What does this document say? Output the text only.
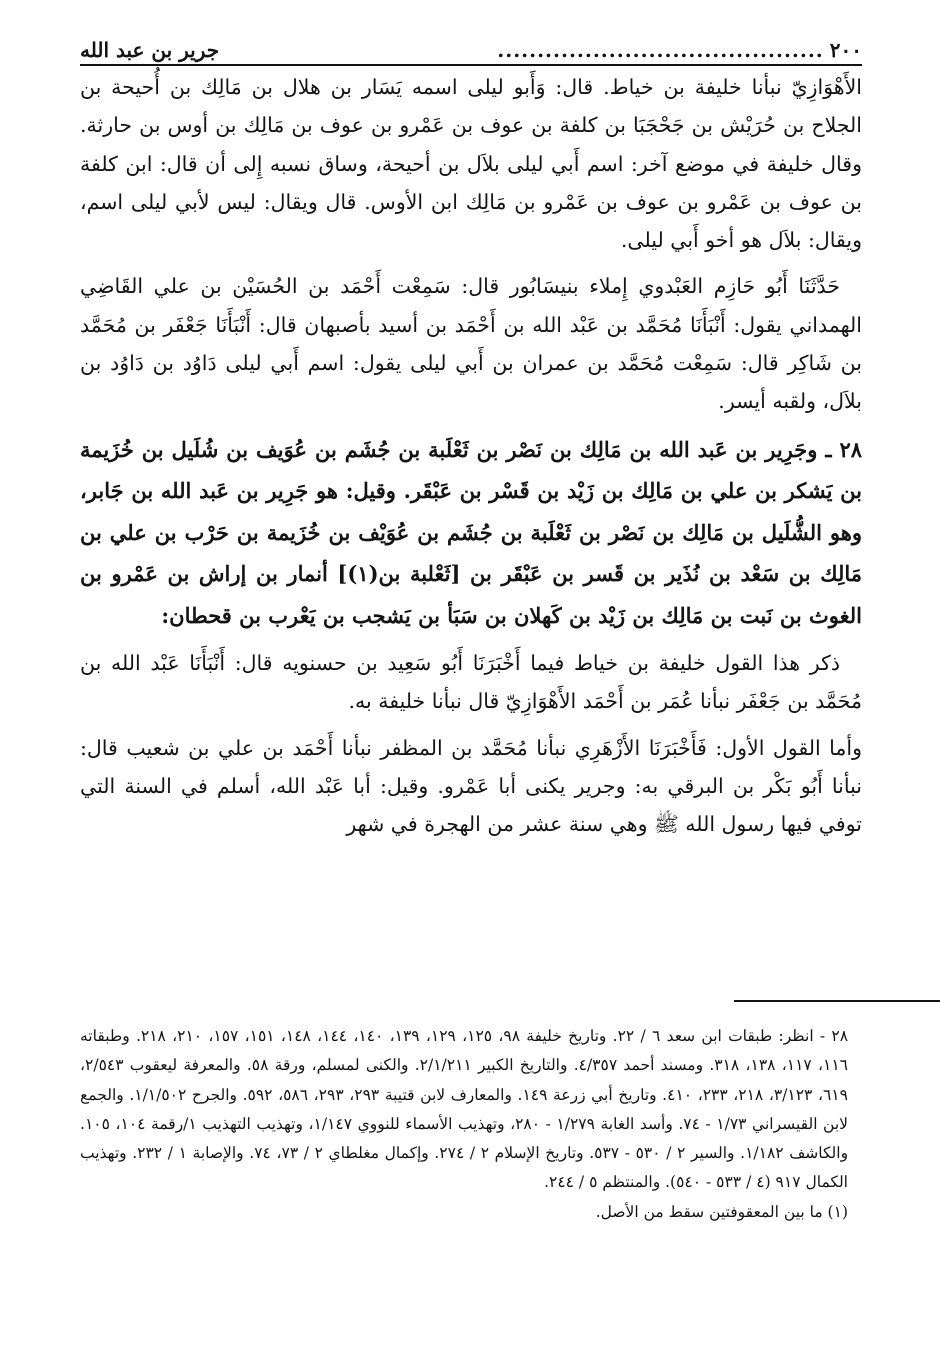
٢٠٠
.........................................
جرير بن عبد الله

الأَهْوَازِيّ نبأنا خليفة بن خياط. قال: وَأَبو ليلى اسمه يَسَار بن هلال بن مَالِك بن أُحيحة بن الجلاح بن حُرَيْش بن جَحْجَبَا بن كلفة بن عوف بن عَمْرو بن عوف بن مَالِك بن أوس بن حارثة. وقال خليفة في موضع آخر: اسم أَبي ليلى بلاَل بن أحيحة، وساق نسبه إِلى أن قال: ابن كلفة بن عوف بن عَمْرو بن عوف بن عَمْرو بن مَالِك ابن الأوس. قال ويقال: ليس لأبي ليلى اسم، ويقال: بلاَل هو أخو أَبي ليلى.

حَدَّثَنَا أَبُو حَازِم العَبْدوي إِملاء بنيسَابُور قال: سَمِعْت أَحْمَد بن الحُسَيْن بن علي القَاضِي الهمداني يقول: أَنْبَأَنَا مُحَمَّد بن عَبْد الله بن أَحْمَد بن أسيد بأصبهان قال: أَنْبَأَنَا جَعْفَر بن مُحَمَّد بن شَاكِر قال: سَمِعْت مُحَمَّد بن عمران بن أَبي ليلى يقول: اسم أَبي ليلى دَاوُد بن دَاوُد بن بلاَل، ولقبه أيسر.

٢٨ ـ وجَرِير بن عَبد الله بن مَالِك بن نَصْر بن ثَعْلَبة بن جُشَم بن عُوَيف بن شُلَيل بن خُزَيمة بن يَشكر بن علي بن مَالِك بن زَيْد بن قَسْر بن عَبْقَر. وقيل: هو جَرِير بن عَبد الله بن جَابر، وهو الشُّلَيل بن مَالِك بن نَصْر بن ثَعْلَبة بن جُشَم بن عُوَيْف بن خُزَيمة بن حَرْب بن علي بن مَالِك بن سَعْد بن نُذَير بن قَسر بن عَبْقَر بن [ثَعْلبة بن(١)] أنمار بن إراش بن عَمْرو بن الغوث بن نَبت بن مَالِك بن زَيْد بن كَهلان بن سَبَأ بن يَشجب بن يَعْرب بن قحطان:

ذكر هذا القول خليفة بن خياط فيما أَخْبَرَنَا أَبُو سَعِيد بن حسنويه قال: أَنْبَأَنَا عَبْد الله بن مُحَمَّد بن جَعْفَر نبأنا عُمَر بن أَحْمَد الأَهْوَازِيّ قال نبأنا خليفة به.

وأما القول الأول: فَأَخْبَرَنَا الأَزْهَرِي نبأنا مُحَمَّد بن المظفر نبأنا أَحْمَد بن علي بن شعيب قال: نبأنا أَبُو بَكْر بن البرقي به: وجرير يكنى أبا عَمْرو. وقيل: أبا عَبْد الله، أسلم في السنة التي توفي فيها رسول الله ﷺ وهي سنة عشر من الهجرة في شهر

٢٨ - انظر: طبقات ابن سعد ٦ / ٢٢. وتاريخ خليفة ٩٨، ١٢٥، ١٢٩، ١٣٩، ١٤٠، ١٤٤، ١٤٨، ١٥١، ١٥٧، ٢١٠، ٢١٨. وطبقاته ١١٦، ١١٧، ١٣٨، ٣١٨. ومسند أحمد ٤/٣٥٧. والتاريخ الكبير ٢/١/٢١١. والكنى لمسلم، ورقة ٥٨. والمعرفة ليعقوب ٢/٥٤٣، ٦١٩، ٣/١٢٣، ٢١٨، ٢٣٣، ٤١٠. وتاريخ أبي زرعة ١٤٩. والمعارف لابن قتيبة ٢٩٣، ٢٩٣، ٥٨٦، ٥٩٢. والجرح ١/١/٥٠٢. والجمع لابن القيسراني ١/٧٣ - ٧٤. وأسد الغابة ١/٢٧٩ - ٢٨٠، وتهذيب الأسماء للنووي ١/١٤٧، وتهذيب التهذيب ١/رقمة ١٠٤، ١٠٥. والكاشف ١/١٨٢. والسير ٢ / ٥٣٠ - ٥٣٧. وتاريخ الإسلام ٢ / ٢٧٤. وإكمال مغلطاي ٢ / ٧٣، ٧٤. والإصابة ١ / ٢٣٢. وتهذيب الكمال ٩١٧ (٤ / ٥٣٣ - ٥٤٠). والمنتظم ٥ / ٢٤٤.

(١) ما بين المعقوفتين سقط من الأصل.
